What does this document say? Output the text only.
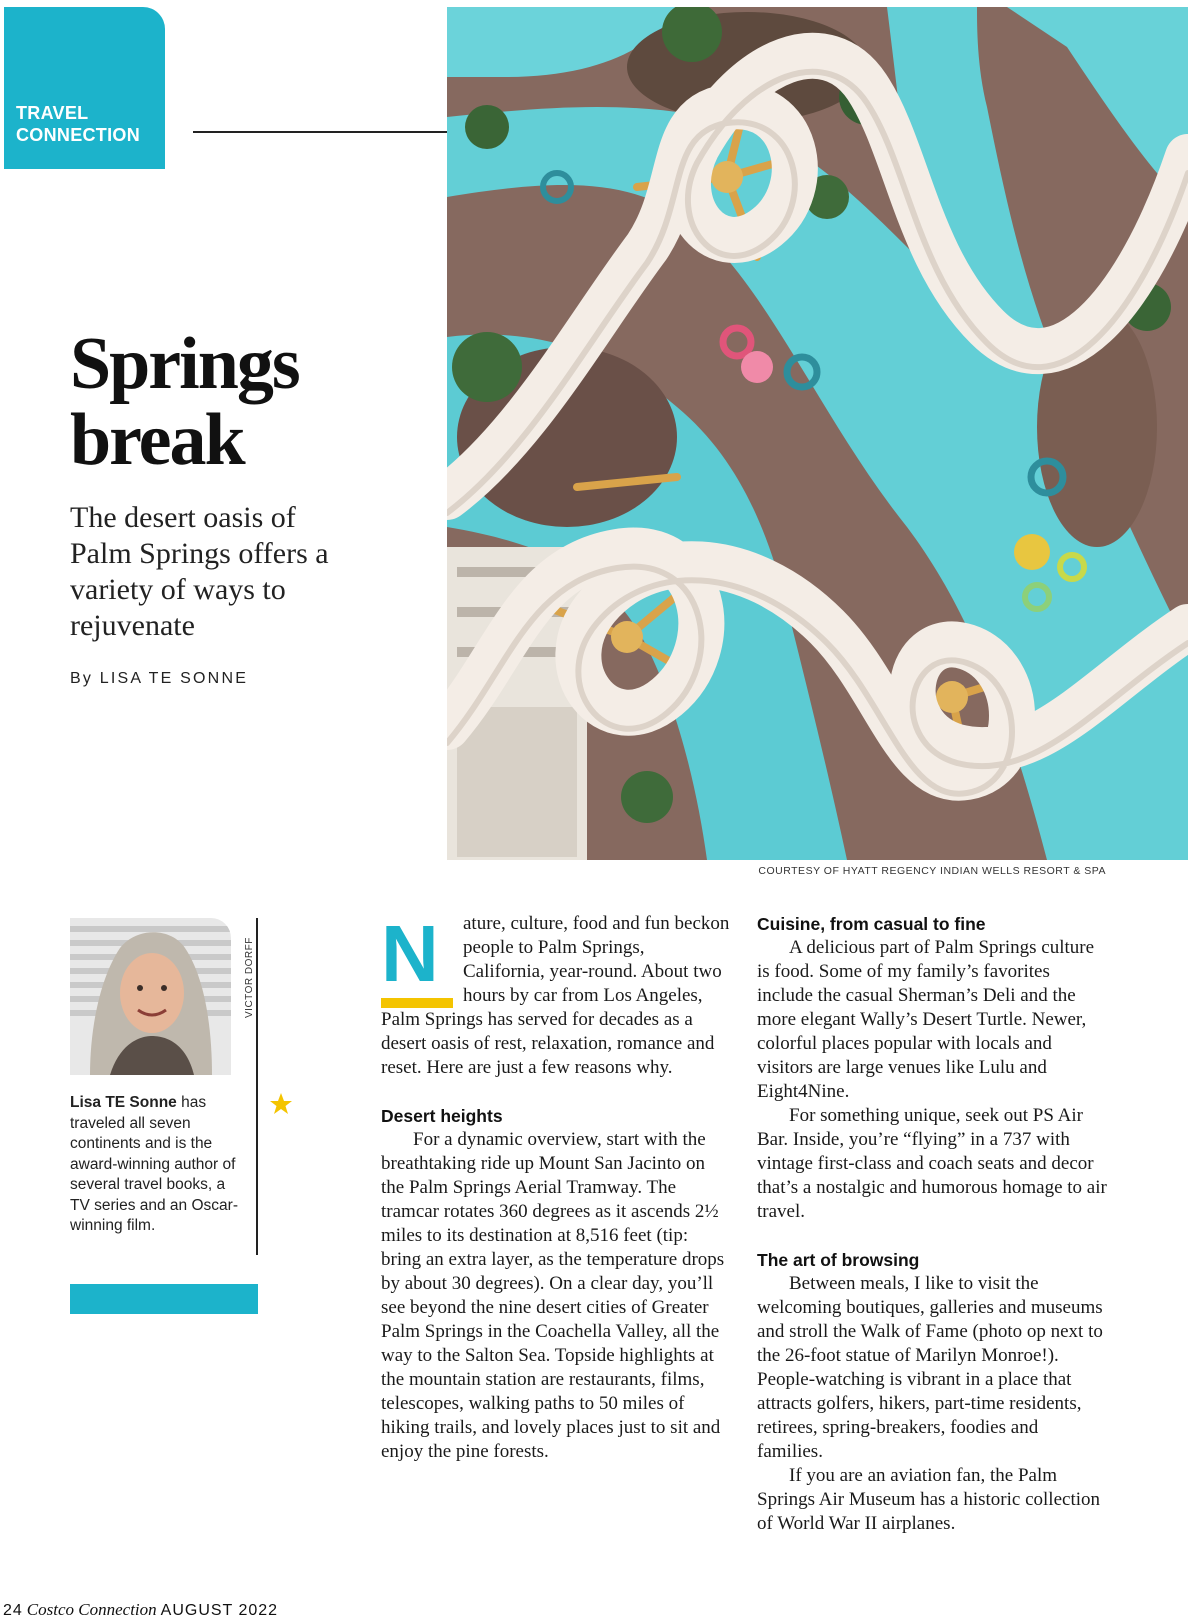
TRAVEL
CONNECTION
Springs
break
The desert oasis of Palm Springs offers a variety of ways to rejuvenate

By LISA TE SONNE

COURTESY OF HYATT REGENCY INDIAN WELLS RESORT & SPA

VICTOR DORFF

Lisa TE Sonne has traveled all seven continents and is the award-winning author of several travel books, a TV series and an Oscar-winning film.

N	ature, culture, food and fun beckon people to Palm Springs, California, year-round. About two hours by car from Los Angeles, Palm Springs has served for decades as a desert oasis of rest, relaxation, romance and reset. Here are just a few reasons why.

Desert heights

For a dynamic overview, start with the breathtaking ride up Mount San Jacinto on the Palm Springs Aerial Tramway. The tramcar rotates 360 degrees as it ascends 2½ miles to its destination at 8,516 feet (tip: bring an extra layer, as the temperature drops by about 30 degrees). On a clear day, you’ll see beyond the nine desert cities of Greater Palm Springs in the Coachella Valley, all the way to the Salton Sea. Topside highlights at the mountain station are restaurants, films, telescopes, walking paths to 50 miles of hiking trails, and lovely places just to sit and enjoy the pine forests.

Cuisine, from casual to fine

A delicious part of Palm Springs culture is food. Some of my family’s favorites include the casual Sherman’s Deli and the more elegant Wally’s Desert Turtle. Newer, colorful places popular with locals and visitors are large venues like Lulu and Eight4Nine.

For something unique, seek out PS Air Bar. Inside, you’re “flying” in a 737 with vintage first-class and coach seats and decor that’s a nostalgic and humorous homage to air travel.

The art of browsing

Between meals, I like to visit the welcoming boutiques, galleries and museums and stroll the Walk of Fame (photo op next to the 26-foot statue of Marilyn Monroe!). People-watching is vibrant in a place that attracts golfers, hikers, part-time residents, retirees, spring-breakers, foodies and families.

If you are an aviation fan, the Palm Springs Air Museum has a historic collection of World War II airplanes.

24 Costco Connection AUGUST 2022
